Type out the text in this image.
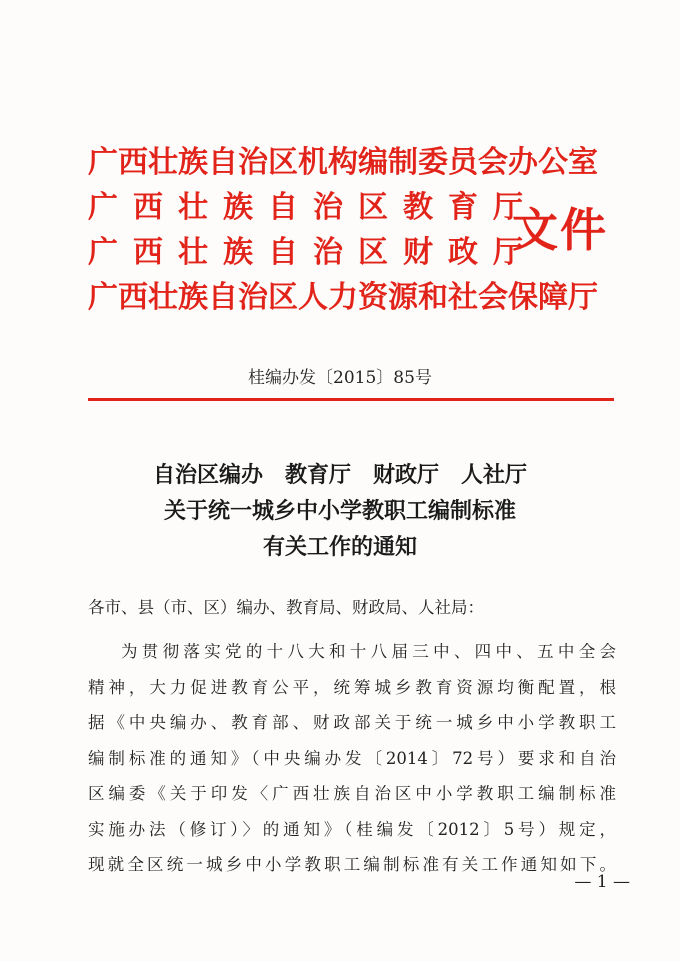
广西壮族自治区机构编制委员会办公室
广西壮族自治区教育厅
广西壮族自治区财政厅
广西壮族自治区人力资源和社会保障厅
文件
桂编办发〔2015〕85号
自治区编办　教育厅　财政厅　人社厅
关于统一城乡中小学教职工编制标准
有关工作的通知
各市、县（市、区）编办、教育局、财政局、人社局：
为贯彻落实党的十八大和十八届三中、四中、五中全会
精神，大力促进教育公平，统筹城乡教育资源均衡配置，根
据《中央编办、教育部、财政部关于统一城乡中小学教职工
编制标准的通知》（中央编办发〔2014〕72号）要求和自治
区编委《关于印发〈广西壮族自治区中小学教职工编制标准
实施办法（修订）〉的通知》（桂编发〔2012〕5号）规定，
现就全区统一城乡中小学教职工编制标准有关工作通知如下。
— 1 —
